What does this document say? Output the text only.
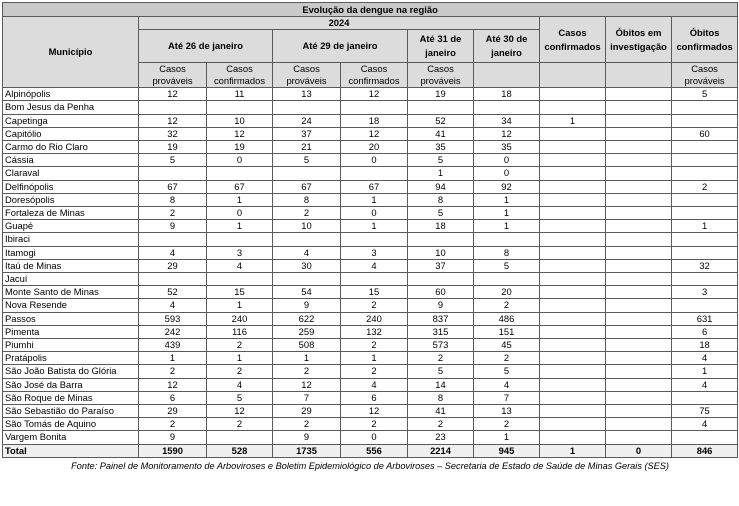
Evolução da dengue na região									
Município	2024						Casos confirmados	Óbitos em investigação	Óbitos confirmados
	Até 26 de janeiro		Até 29 de janeiro		Até 31 de janeiro	Até 30 de janeiro			
	Casos prováveis	Casos confirmados	Casos prováveis	Casos confirmados	Casos prováveis				Casos prováveis
Alpinópolis	12	11	13	12	19	18			5
Bom Jesus da Penha									
Capetinga	12	10	24	18	52	34	1		
Capitólio	32	12	37	12	41	12			60
Carmo do Rio Claro	19	19	21	20	35	35			
Cássia	5	0	5	0	5	0			
Claraval					1	0			
Delfinópolis	67	67	67	67	94	92			2
Doresópolis	8	1	8	1	8	1			
Fortaleza de Minas	2	0	2	0	5	1			
Guapé	9	1	10	1	18	1			1
Ibiraci									
Itamogi	4	3	4	3	10	8			
Itaú de Minas	29	4	30	4	37	5			32
Jacuí									
Monte Santo de Minas	52	15	54	15	60	20			3
Nova Resende	4	1	9	2	9	2			
Passos	593	240	622	240	837	486			631
Pimenta	242	116	259	132	315	151			6
Piumhi	439	2	508	2	573	45			18
Pratápolis	1	1	1	1	2	2			4
São João Batista do Glória	2	2	2	2	5	5			1
São José da Barra	12	4	12	4	14	4			4
São Roque de Minas	6	5	7	6	8	7			
São Sebastião do Paraíso	29	12	29	12	41	13			75
São Tomás de Aquino	2	2	2	2	2	2			4
Vargem Bonita	9		9	0	23	1			
Total	1590	528	1735	556	2214	945	1	0	846
Fonte: Painel de Monitoramento de Arboviroses e Boletim Epidemiológico de Arboviroses – Secretaria de Estado de Saúde de Minas Gerais (SES)									
